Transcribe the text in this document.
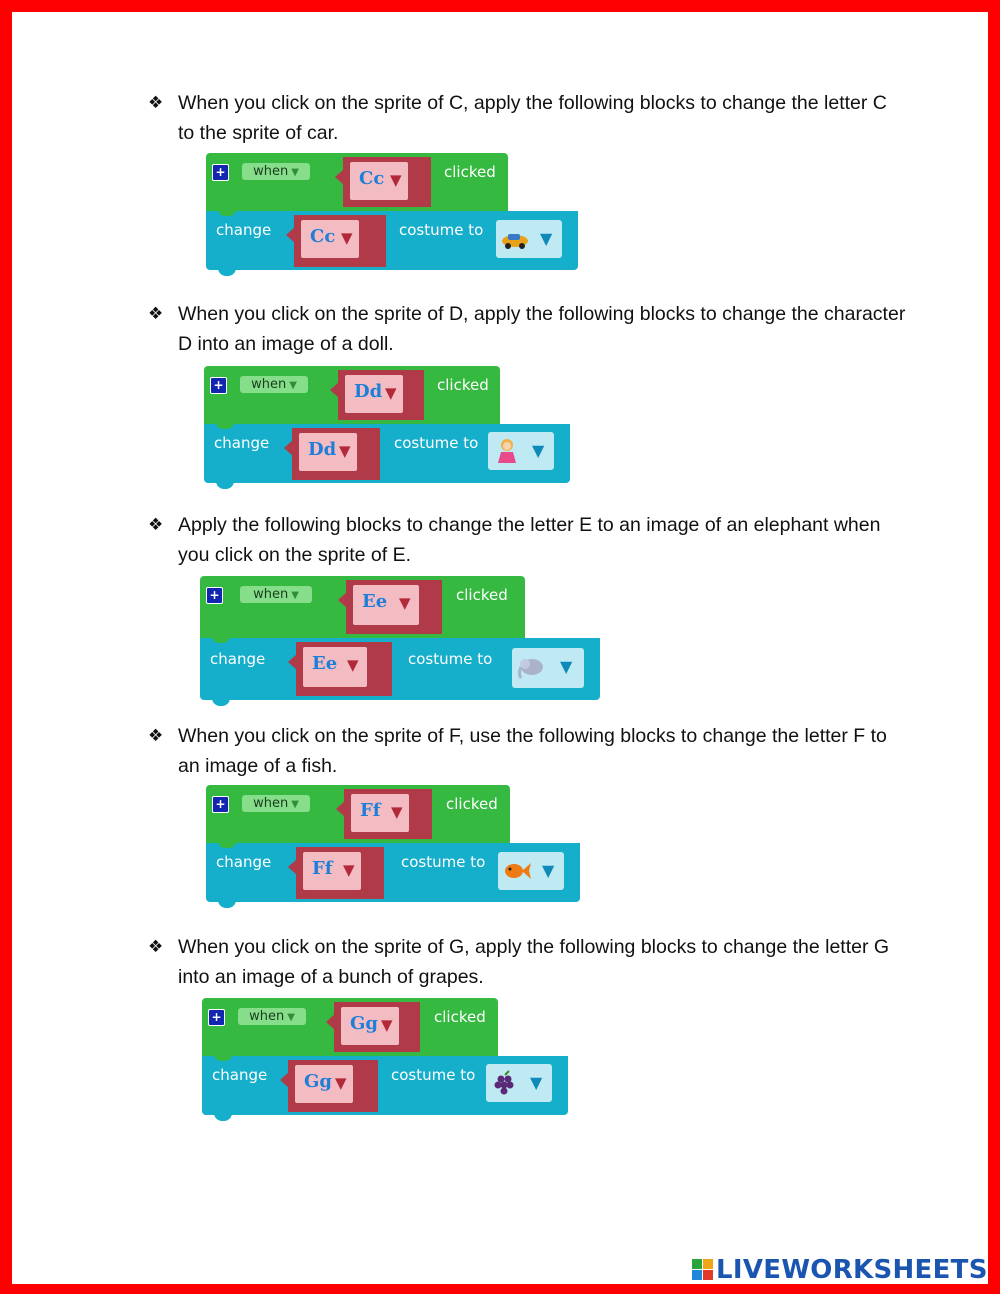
❖ When you click on the sprite of C, apply the following blocks to change the letter C to the sprite of car.
+	when ▼	clicked
Cc ▼
change	costume to	▼
Cc ▼
❖ When you click on the sprite of D, apply the following blocks to change the character D into an image of a doll.
+	when ▼	clicked
Dd ▼
change	costume to	▼
Dd ▼
❖ Apply the following blocks to change the letter E to an image of an elephant when you click on the sprite of E.
+	when ▼	clicked
Ee ▼
change	costume to	▼
Ee ▼
❖ When you click on the sprite of F, use the following blocks to change the letter F to an image of a fish.
+	when ▼	clicked
Ff ▼
change	costume to	▼
Ff ▼
❖ When you click on the sprite of G, apply the following blocks to change the letter G into an image of a bunch of grapes.
+	when ▼	clicked
Gg ▼
change	costume to	▼
Gg ▼
LIVEWORKSHEETS
